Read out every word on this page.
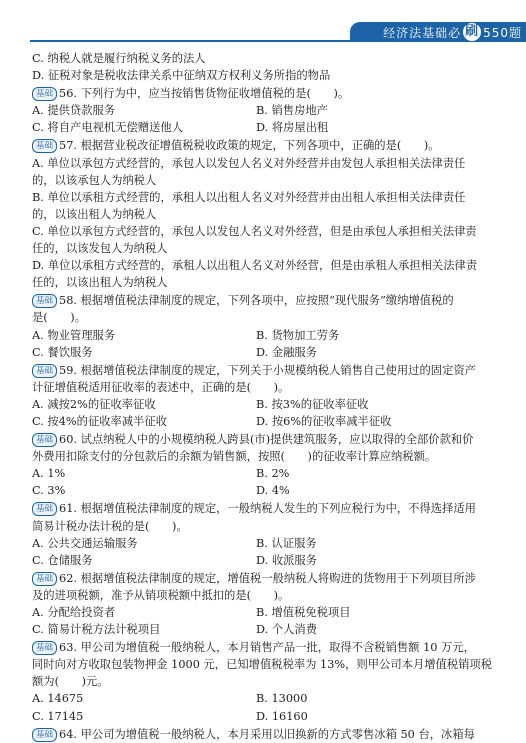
经济法基础必 刷 550题
C. 纳税人就是履行纳税义务的法人
D. 征税对象是税收法律关系中征纳双方权利义务所指的物品
基础 56. 下列行为中，应当按销售货物征收增值税的是(　　)。
A. 提供贷款服务	B. 销售房地产
C. 将自产电视机无偿赠送他人	D. 将房屋出租
基础 57. 根据营业税改征增值税税收政策的规定，下列各项中，正确的是(　　)。
A. 单位以承包方式经营的，承包人以发包人名义对外经营并由发包人承担相关法律责任
的，以该承包人为纳税人
B. 单位以承租方式经营的，承租人以出租人名义对外经营并由出租人承担相关法律责任
的，以该出租人为纳税人
C. 单位以承包方式经营的，承包人以发包人名义对外经营，但是由承包人承担相关法律责
任的，以该发包人为纳税人
D. 单位以承租方式经营的，承租人以出租人名义对外经营，但是由承租人承担相关法律责
任的，以该出租人为纳税人
基础 58. 根据增值税法律制度的规定，下列各项中，应按照“现代服务”缴纳增值税的
是(　　)。
A. 物业管理服务	B. 货物加工劳务
C. 餐饮服务	D. 金融服务
基础 59. 根据增值税法律制度的规定，下列关于小规模纳税人销售自己使用过的固定资产
计征增值税适用征收率的表述中，正确的是(　　)。
A. 减按2%的征收率征收	B. 按3%的征收率征收
C. 按4%的征收率减半征收	D. 按6%的征收率减半征收
基础 60. 试点纳税人中的小规模纳税人跨县(市)提供建筑服务，应以取得的全部价款和价
外费用扣除支付的分包款后的余额为销售额，按照(　　)的征收率计算应纳税额。
A. 1%	B. 2%
C. 3%	D. 4%
基础 61. 根据增值税法律制度的规定，一般纳税人发生的下列应税行为中，不得选择适用
简易计税办法计税的是(　　)。
A. 公共交通运输服务	B. 认证服务
C. 仓储服务	D. 收派服务
基础 62. 根据增值税法律制度的规定，增值税一般纳税人将购进的货物用于下列项目所涉
及的进项税额，准予从销项税额中抵扣的是(　　)。
A. 分配给投资者	B. 增值税免税项目
C. 简易计税方法计税项目	D. 个人消费
基础 63. 甲公司为增值税一般纳税人，本月销售产品一批，取得不含税销售额 10 万元，
同时向对方收取包装物押金 1000 元，已知增值税税率为 13%，则甲公司本月增值税销项税
额为(　　)元。
A. 14675	B. 13000
C. 17145	D. 16160
基础 64. 甲公司为增值税一般纳税人，本月采用以旧换新的方式零售冰箱 50 台，冰箱每
